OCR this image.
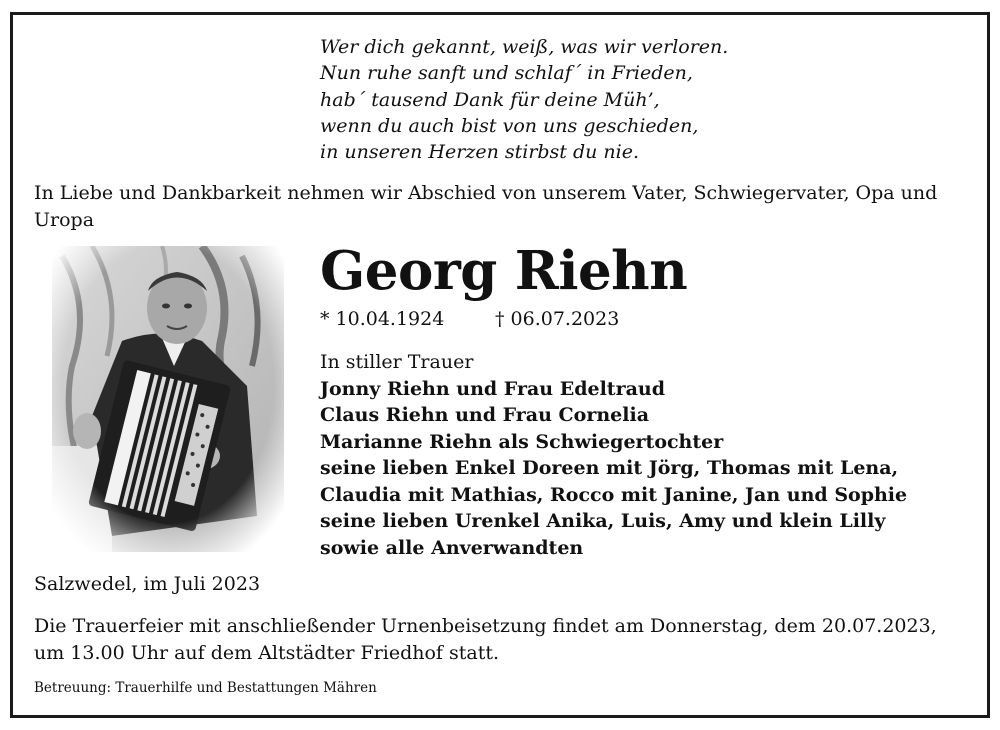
Wer dich gekannt, weiß, was wir verloren.
Nun ruhe sanft und schlaf´ in Frieden,
hab´ tausend Dank für deine Müh’,
wenn du auch bist von uns geschieden,
in unseren Herzen stirbst du nie.
In Liebe und Dankbarkeit nehmen wir Abschied von unserem Vater, Schwiegervater, Opa und Uropa
Georg Riehn
* 10.04.1924	† 06.07.2023
In stiller Trauer
Jonny Riehn und Frau Edeltraud
Claus Riehn und Frau Cornelia
Marianne Riehn als Schwiegertochter
seine lieben Enkel Doreen mit Jörg, Thomas mit Lena,
Claudia mit Mathias, Rocco mit Janine, Jan und Sophie
seine lieben Urenkel Anika, Luis, Amy und klein Lilly
sowie alle Anverwandten
Salzwedel, im Juli 2023
Die Trauerfeier mit anschließender Urnenbeisetzung findet am Donnerstag, dem 20.07.2023,
um 13.00 Uhr auf dem Altstädter Friedhof statt.
Betreuung: Trauerhilfe und Bestattungen Mähren
